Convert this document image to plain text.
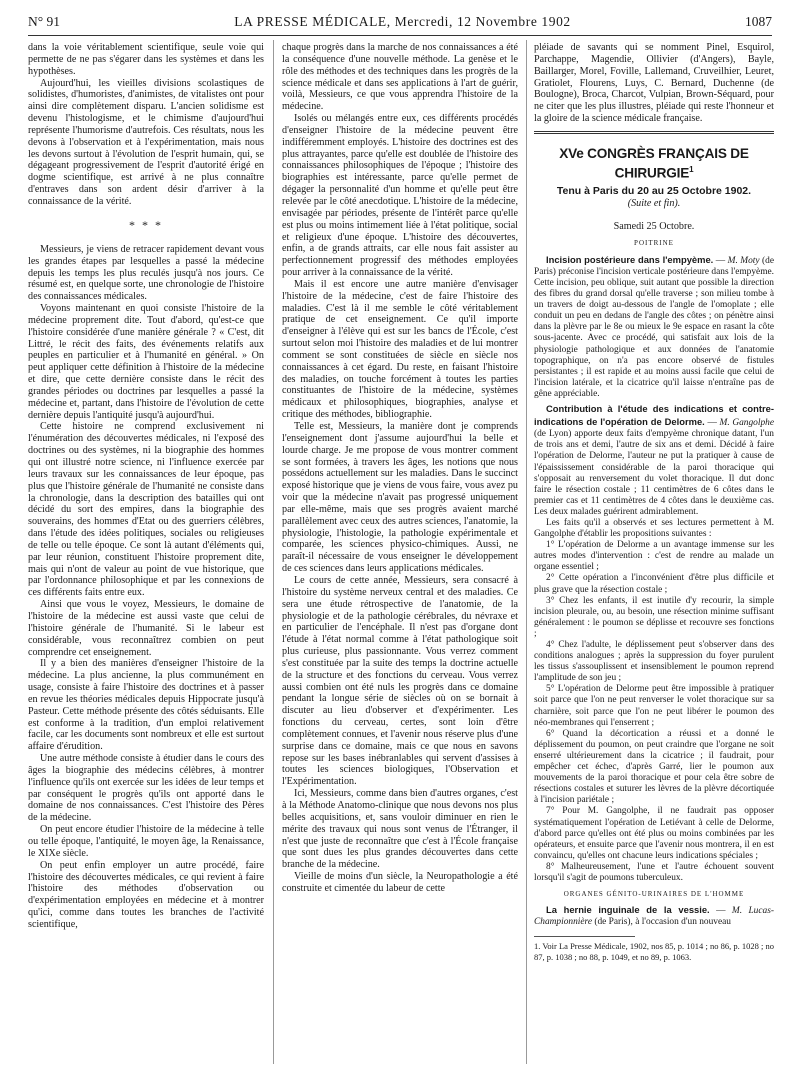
N° 91	LA PRESSE MÉDICALE, Mercredi, 12 Novembre 1902	1087

dans la voie véritablement scientifique, seule voie qui permette de ne pas s'égarer dans les systèmes et dans les hypothèses.

Aujourd'hui, les vieilles divisions scolastiques de solidistes, d'humoristes, d'animistes, de vitalistes ont pour ainsi dire complètement disparu. L'ancien solidisme est devenu l'histologisme, et le chimisme d'aujourd'hui représente l'humorisme d'autrefois. Ces résultats, nous les devons à l'observation et à l'expérimentation, mais nous les devons surtout à l'évolution de l'esprit humain, qui, se dégageant progressivement de l'esprit d'autorité érigé en dogme scientifique, est arrivé à ne plus connaître d'entraves dans son ardent désir d'arriver à la connaissance de la vérité.

* * *

Messieurs, je viens de retracer rapidement devant vous les grandes étapes par lesquelles a passé la médecine depuis les temps les plus reculés jusqu'à nos jours. Ce résumé est, en quelque sorte, une chronologie de l'histoire des connaissances médicales.

Voyons maintenant en quoi consiste l'histoire de la médecine proprement dite. Tout d'abord, qu'est-ce que l'histoire considérée d'une manière générale ? « C'est, dit Littré, le récit des faits, des événements relatifs aux peuples en particulier et à l'humanité en général. » On peut appliquer cette définition à l'histoire de la médecine et dire, que cette dernière consiste dans le récit des grandes périodes ou doctrines par lesquelles a passé la médecine et, partant, dans l'histoire de l'évolution de cette dernière depuis l'antiquité jusqu'à aujourd'hui.

Cette histoire ne comprend exclusivement ni l'énumération des découvertes médicales, ni l'exposé des doctrines ou des systèmes, ni la biographie des hommes qui ont illustré notre science, ni l'influence exercée par leurs travaux sur les connaissances de leur époque, pas plus que l'histoire générale de l'humanité ne consiste dans la chronologie, dans la description des batailles qui ont décidé du sort des empires, dans la biographie des souverains, des hommes d'Etat ou des guerriers célèbres, dans l'étude des idées politiques, sociales ou religieuses de telle ou telle époque. Ce sont là autant d'éléments qui, par leur réunion, constituent l'histoire proprement dite, mais qui n'ont de valeur au point de vue historique, que par l'ordonnance philosophique et par les connexions de ces différents faits entre eux.

Ainsi que vous le voyez, Messieurs, le domaine de l'histoire de la médecine est aussi vaste que celui de l'histoire générale de l'humanité. Si le labeur est considérable, vous reconnaîtrez combien on peut comprendre cet enseignement.

Il y a bien des manières d'enseigner l'histoire de la médecine. La plus ancienne, la plus communément en usage, consiste à faire l'histoire des doctrines et à passer en revue les théories médicales depuis Hippocrate jusqu'à Pasteur. Cette méthode présente des côtés séduisants. Elle est conforme à la tradition, d'un emploi relativement facile, car les documents sont nombreux et elle est surtout affaire d'érudition.

Une autre méthode consiste à étudier dans le cours des âges la biographie des médecins célèbres, à montrer l'influence qu'ils ont exercée sur les idées de leur temps et par conséquent le progrès qu'ils ont apporté dans le domaine de nos connaissances. C'est l'histoire des Pères de la médecine.

On peut encore étudier l'histoire de la médecine à telle ou telle époque, l'antiquité, le moyen âge, la Renaissance, le XIXe siècle.

On peut enfin employer un autre procédé, faire l'histoire des découvertes médicales, ce qui revient à faire l'histoire des méthodes d'observation ou d'expérimentation employées en médecine et à montrer qu'ici, comme dans toutes les branches de l'activité scientifique,

chaque progrès dans la marche de nos connaissances a été la conséquence d'une nouvelle méthode. La genèse et le rôle des méthodes et des techniques dans les progrès de la science médicale et dans ses applications à l'art de guérir, voilà, Messieurs, ce que vous apprendra l'histoire de la médecine.

Isolés ou mélangés entre eux, ces différents procédés d'enseigner l'histoire de la médecine peuvent être indifféremment employés. L'histoire des doctrines est des plus attrayantes, parce qu'elle est doublée de l'histoire des connaissances philosophiques de l'époque ; l'histoire des biographies est intéressante, parce qu'elle permet de dégager la personnalité d'un homme et qu'elle peut être relevée par le côté anecdotique. L'histoire de la médecine, envisagée par périodes, présente de l'intérêt parce qu'elle est plus ou moins intimement liée à l'état politique, social et religieux d'une époque. L'histoire des découvertes, enfin, a de grands attraits, car elle nous fait assister au perfectionnement progressif des méthodes employées pour arriver à la connaissance de la vérité.

Mais il est encore une autre manière d'envisager l'histoire de la médecine, c'est de faire l'histoire des maladies. C'est là il me semble le côté véritablement pratique de cet enseignement. Ce qu'il importe d'enseigner à l'élève qui est sur les bancs de l'École, c'est surtout selon moi l'histoire des maladies et de lui montrer comment se sont constituées de siècle en siècle nos connaissances à cet égard. Du reste, en faisant l'histoire des maladies, on touche forcément à toutes les parties constituantes de l'histoire de la médecine, systèmes médicaux et philosophiques, biographies, analyse et critique des méthodes, bibliographie.

Telle est, Messieurs, la manière dont je comprends l'enseignement dont j'assume aujourd'hui la belle et lourde charge. Je me propose de vous montrer comment se sont formées, à travers les âges, les notions que nous possédons actuellement sur les maladies. Dans le succinct exposé historique que je viens de vous faire, vous avez pu voir que la médecine n'avait pas progressé uniquement par elle-même, mais que ses progrès avaient marché parallèlement avec ceux des autres sciences, l'anatomie, la physiologie, l'histologie, la pathologie expérimentale et comparée, les sciences physico-chimiques. Aussi, ne paraît-il nécessaire de vous enseigner le développement de ces sciences dans leurs applications médicales.

Le cours de cette année, Messieurs, sera consacré à l'histoire du système nerveux central et des maladies. Ce sera une étude rétrospective de l'anatomie, de la physiologie et de la pathologie cérébrales, du névraxe et en particulier de l'encéphale. Il n'est pas d'organe dont l'étude à l'état normal comme à l'état pathologique soit plus curieuse, plus passionnante. Vous verrez comment s'est constituée par la suite des temps la doctrine actuelle de la structure et des fonctions du cerveau. Vous verrez aussi combien ont été nuls les progrès dans ce domaine pendant la longue série de siècles où on se bornait à discuter au lieu d'observer et d'expérimenter. Les fonctions du cerveau, certes, sont loin d'être complètement connues, et l'avenir nous réserve plus d'une surprise dans ce domaine, mais ce que nous en savons repose sur les bases inébranlables qui servent d'assises à toutes les sciences biologiques, l'Observation et l'Expérimentation.

Ici, Messieurs, comme dans bien d'autres organes, c'est à la Méthode Anatomo-clinique que nous devons nos plus belles acquisitions, et, sans vouloir diminuer en rien le mérite des travaux qui nous sont venus de l'Étranger, il n'est que juste de reconnaître que c'est à l'École française que sont dues les plus grandes découvertes dans cette branche de la médecine.

Vieille de moins d'un siècle, la Neuropathologie a été construite et cimentée du labeur de cette

pléiade de savants qui se nomment Pinel, Esquirol, Parchappe, Magendie, Ollivier (d'Angers), Bayle, Baillarger, Morel, Foville, Lallemand, Cruveilhier, Leuret, Gratiolet, Flourens, Luys, C. Bernard, Duchenne (de Boulogne), Broca, Charcot, Vulpian, Brown-Séquard, pour ne citer que les plus illustres, pléiade qui reste l'honneur et la gloire de la science médicale française.

XVe CONGRÈS FRANÇAIS DE CHIRURGIE$^1$
Tenu à Paris du 20 au 25 Octobre 1902.
(Suite et fin).
Samedi 25 Octobre.
POITRINE

Incision postérieure dans l'empyème. — M. Moty (de Paris) préconise l'incision verticale postérieure dans l'empyème. Cette incision, peu oblique, suit autant que possible la direction des fibres du grand dorsal qu'elle traverse ; son milieu tombe à un travers de doigt au-dessous de l'angle de l'omoplate ; elle conduit un peu en dedans de l'angle des côtes ; on pénètre ainsi dans la plèvre par le 8e ou mieux le 9e espace en rasant la côte sous-jacente. Avec ce procédé, qui satisfait aux lois de la physiologie pathologique et aux données de l'anatomie topographique, on n'a pas encore observé de fistules persistantes ; il est rapide et au moins aussi facile que celui de l'incision latérale, et la cicatrice qu'il laisse n'entraîne pas de gêne appréciable.

Contribution à l'étude des indications et contre-indications de l'opération de Delorme. — M. Gangolphe (de Lyon) apporte deux faits d'empyème chronique datant, l'un de trois ans et demi, l'autre de six ans et demi. Décidé à faire l'opération de Delorme, l'auteur ne put la pratiquer à cause de l'épaississement considérable de la paroi thoracique qui s'opposait au renversement du volet thoracique. Il dut donc faire le résection costale ; 11 centimètres de 6 côtes dans le premier cas et 11 centimètres de 4 côtes dans le deuxième cas. Les deux malades guérirent admirablement.

Les faits qu'il a observés et ses lectures permettent à M. Gangolphe d'établir les propositions suivantes :

1° L'opération de Delorme a un avantage immense sur les autres modes d'intervention : c'est de rendre au malade un organe essentiel ;

2° Cette opération a l'inconvénient d'être plus difficile et plus grave que la résection costale ;

3° Chez les enfants, il est inutile d'y recourir, la simple incision pleurale, ou, au besoin, une résection minime suffisant généralement : le poumon se déplisse et recouvre ses fonctions ;

4° Chez l'adulte, le déplissement peut s'observer dans des conditions analogues ; après la suppression du foyer purulent les tissus s'assouplissent et insensiblement le poumon reprend l'amplitude de son jeu ;

5° L'opération de Delorme peut être impossible à pratiquer soit parce que l'on ne peut renverser le volet thoracique sur sa charnière, soit parce que l'on ne peut libérer le poumon des néo-membranes qui l'enserrent ;

6° Quand la décortication a réussi et a donné le déplissement du poumon, on peut craindre que l'organe ne soit enserré ultérieurement dans la cicatrice ; il faudrait, pour empêcher cet échec, d'après Garré, lier le poumon aux mouvements de la paroi thoracique et pour cela être sobre de résections costales et suturer les lèvres de la plèvre décortiquée à l'incision pariétale ;

7° Pour M. Gangolphe, il ne faudrait pas opposer systématiquement l'opération de Letiévant à celle de Delorme, d'abord parce qu'elles ont été plus ou moins combinées par les opérateurs, et ensuite parce que l'avenir nous montrera, il en est convaincu, qu'elles ont chacune leurs indications spéciales ;

8° Malheureusement, l'une et l'autre échouent souvent lorsqu'il s'agit de poumons tuberculeux.

ORGANES GÉNITO-URINAIRES DE L'HOMME

La hernie inguinale de la vessie. — M. Lucas-Championnière (de Paris), à l'occasion d'un nouveau

1. Voir La Presse Médicale, 1902, nos 85, p. 1014 ; no 86, p. 1028 ; no 87, p. 1038 ; no 88, p. 1049, et no 89, p. 1063.
